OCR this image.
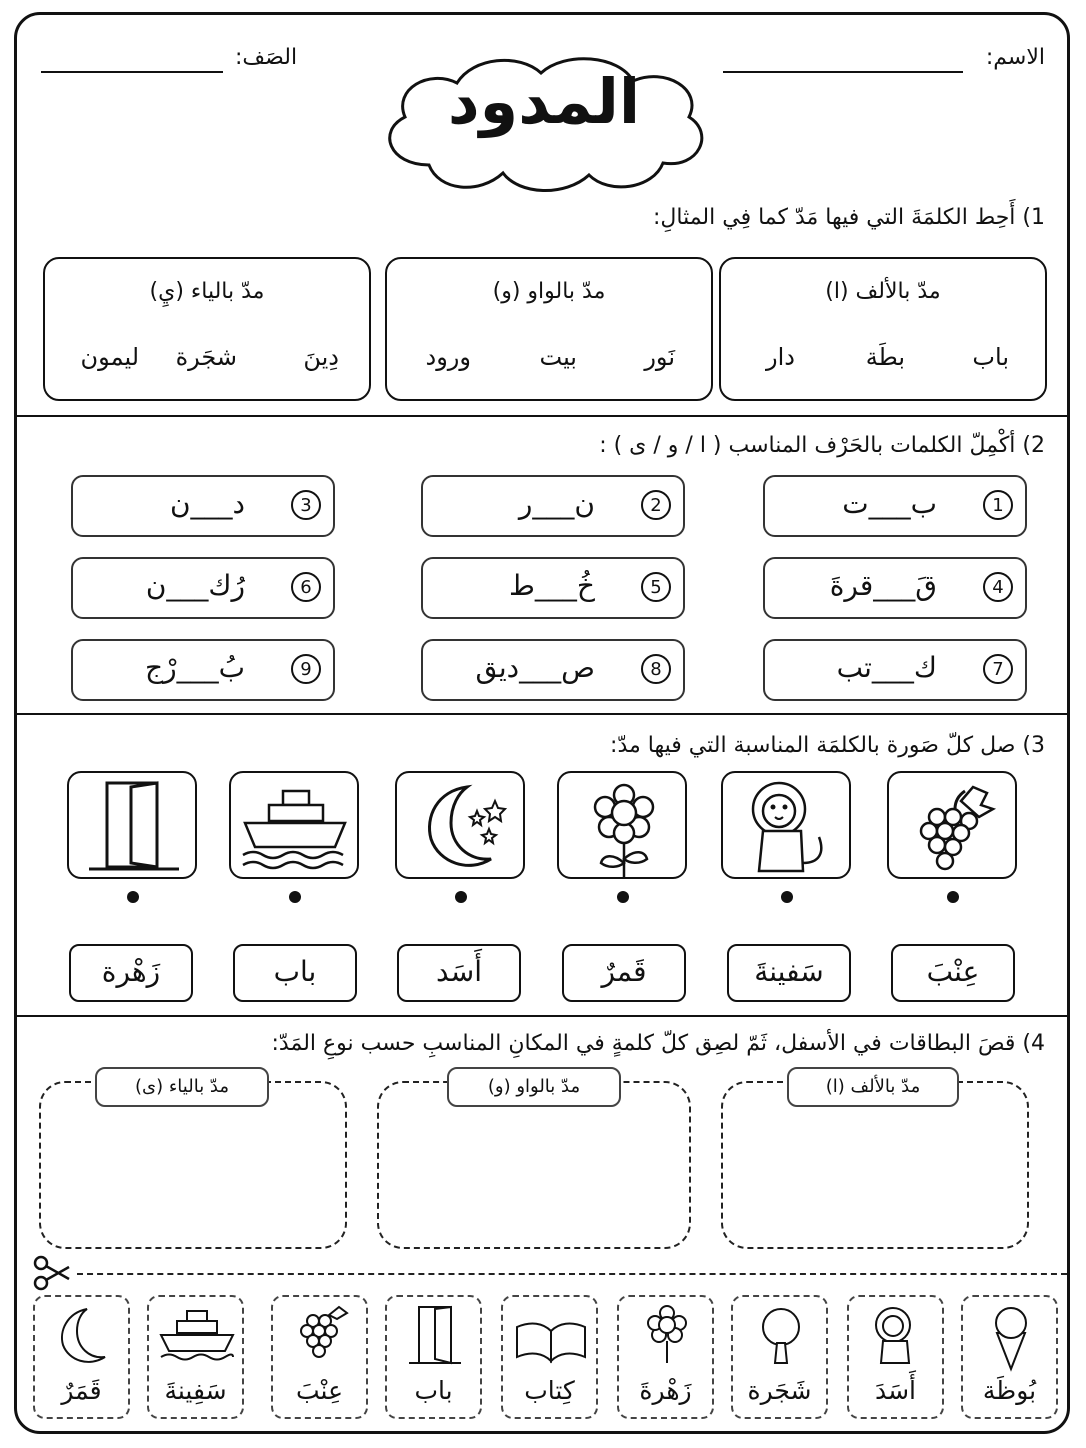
الاسم:
الصَف:
المدود
1) أَحِط الكلمَةَ التي فيها مَدّ كما فِي المثالِ:
مدّ بالألف (ا)
باب
بطَة
دار
مدّ بالواو (و)
نَور
بيت
ورود
مدّ بالياء (يِ)
دِينَ
شجَرة
ليمون
2) أكْمِلّ الكلمات بالحَرْف المناسب ( ا / و / ى ) :
1
ب___ت
2
ن___ر
3
د___ن
4
قَ___قرةَ
5
خُ___ط
6
رُك___ن
7
ك___تب
8
ص___ديق
9
بُ___رْج
3) صل كلّ صَورة بالكلمَة المناسبة التي فيها مدّ:
عِنْبَ
سَفينةَ
قَمرٌ
أَسَد
باب
زَهْرة
4) قصَ البطاقات في الأسفل، ثَمّ لصِق كلّ كلمةٍ في المكانِ المناسبِ حسب نوعِ المَدّ:
مدّ بالألف (ا)
مدّ بالواو (و)
مدّ بالياء (ى)
بُوظَة
أَسَدَ
شَجَرة
زَهْرةَ
كِتاب
باب
عِنْبَ
سَفِينةَ
قَمَرٌ
